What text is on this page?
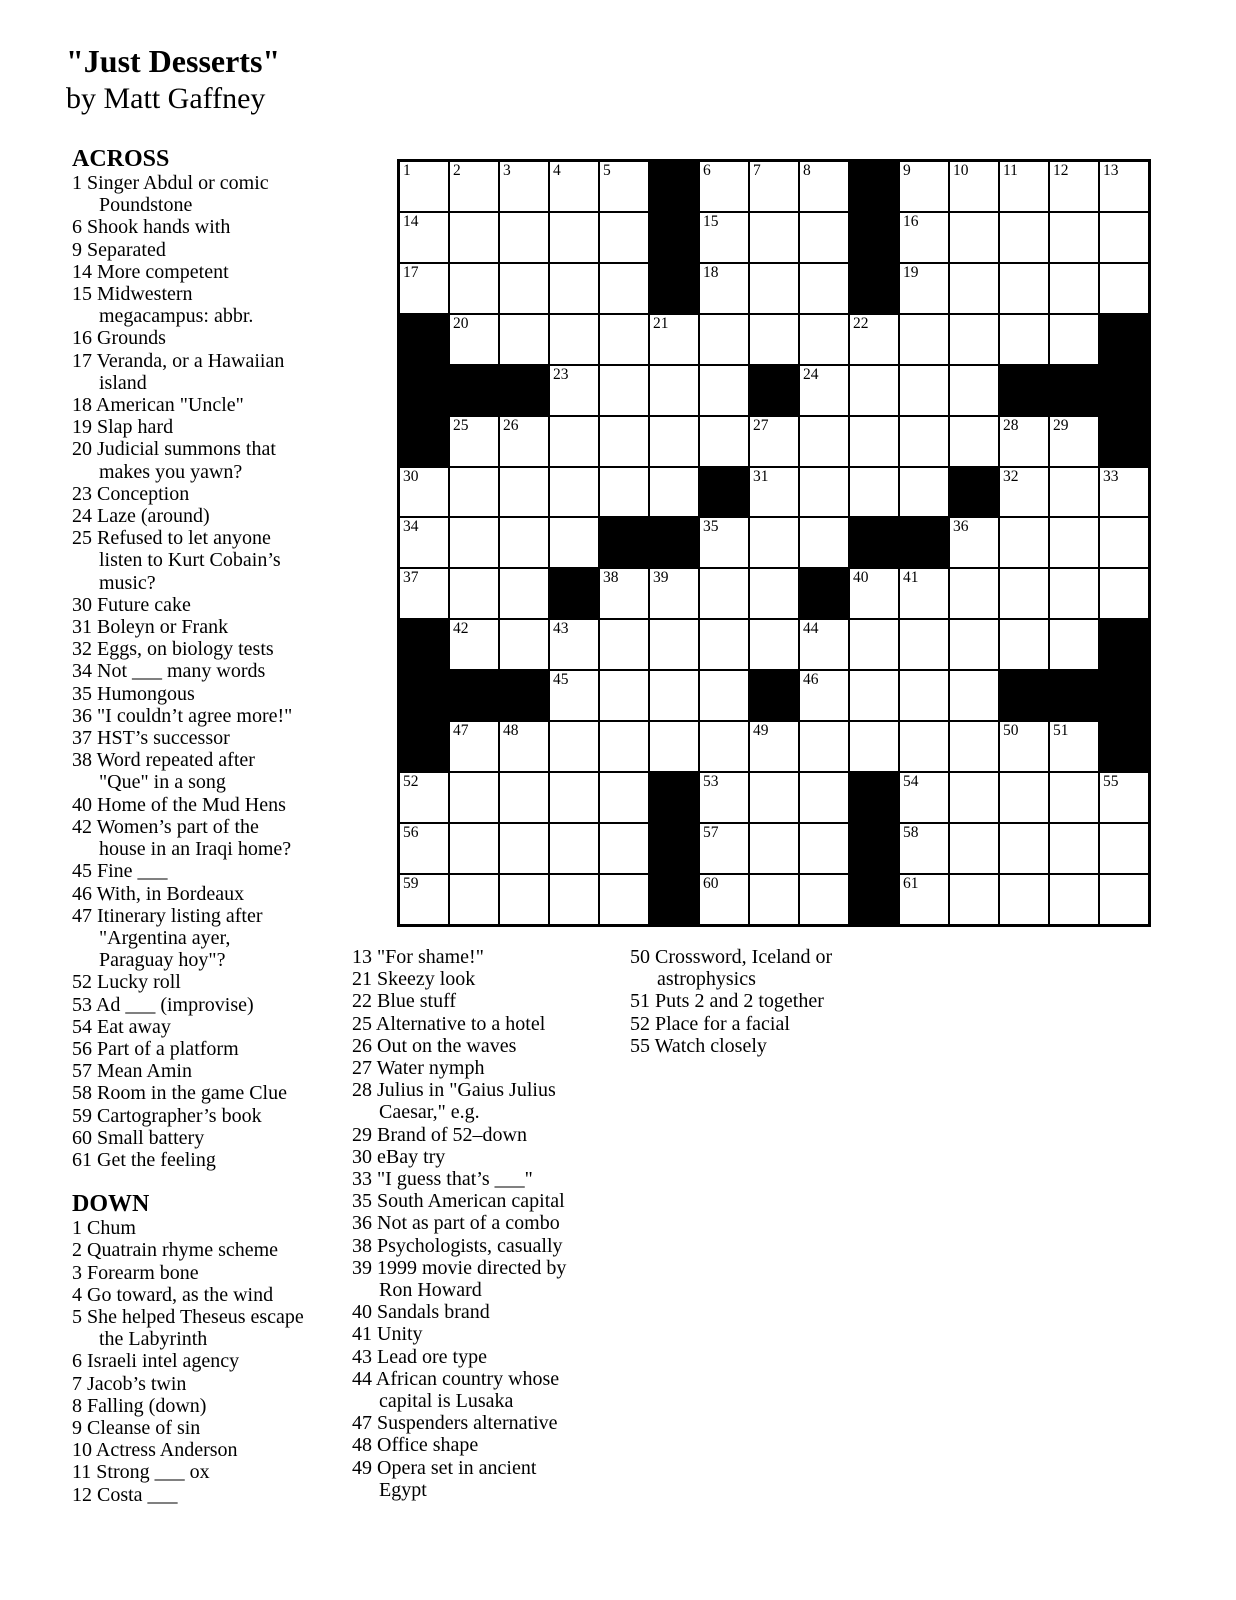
"Just Desserts"
by Matt Gaffney
1	2	3	4	5	6	7	8	9	10 11 12 13
14	15	16
17	18	19
20	21	22
23	24
25 26	27	28 29
30	31	32	33
34	35	36
37	38 39	40 41
42	43	44
45	46
47 48	49	50 51
52	53	54	55
56	57	58
59	60	61
ACROSS
1 Singer Abdul or comic Poundstone
6 Shook hands with
9 Separated
14 More competent
15 Midwestern megacampus: abbr.
16 Grounds
17 Veranda, or a Hawaiian island
18 American "Uncle"
19 Slap hard
20 Judicial summons that makes you yawn?
23 Conception
24 Laze (around)
25 Refused to let anyone listen to Kurt Cobain’s music?
30 Future cake
31 Boleyn or Frank
32 Eggs, on biology tests
34 Not ___ many words
35 Humongous
36 "I couldn’t agree more!"
37 HST’s successor
38 Word repeated after "Que" in a song
40 Home of the Mud Hens
42 Women’s part of the house in an Iraqi home?
45 Fine ___
46 With, in Bordeaux
47 Itinerary listing after "Argentina ayer, Paraguay hoy"?
52 Lucky roll
53 Ad ___ (improvise)
54 Eat away
56 Part of a platform
57 Mean Amin
58 Room in the game Clue
59 Cartographer’s book
60 Small battery
61 Get the feeling
DOWN
1 Chum
2 Quatrain rhyme scheme
3 Forearm bone
4 Go toward, as the wind
5 She helped Theseus escape the Labyrinth
6 Israeli intel agency
7 Jacob’s twin
8 Falling (down)
9 Cleanse of sin
10 Actress Anderson
11 Strong ___ ox
12 Costa ___
13 "For shame!"
21 Skeezy look
22 Blue stuff
25 Alternative to a hotel
26 Out on the waves
27 Water nymph
28 Julius in "Gaius Julius Caesar," e.g.
29 Brand of 52–down
30 eBay try
33 "I guess that’s ___"
35 South American capital
36 Not as part of a combo
38 Psychologists, casually
39 1999 movie directed by Ron Howard
40 Sandals brand
41 Unity
43 Lead ore type
44 African country whose capital is Lusaka
47 Suspenders alternative
48 Office shape
49 Opera set in ancient Egypt
50 Crossword, Iceland or astrophysics
51 Puts 2 and 2 together
52 Place for a facial
55 Watch closely
